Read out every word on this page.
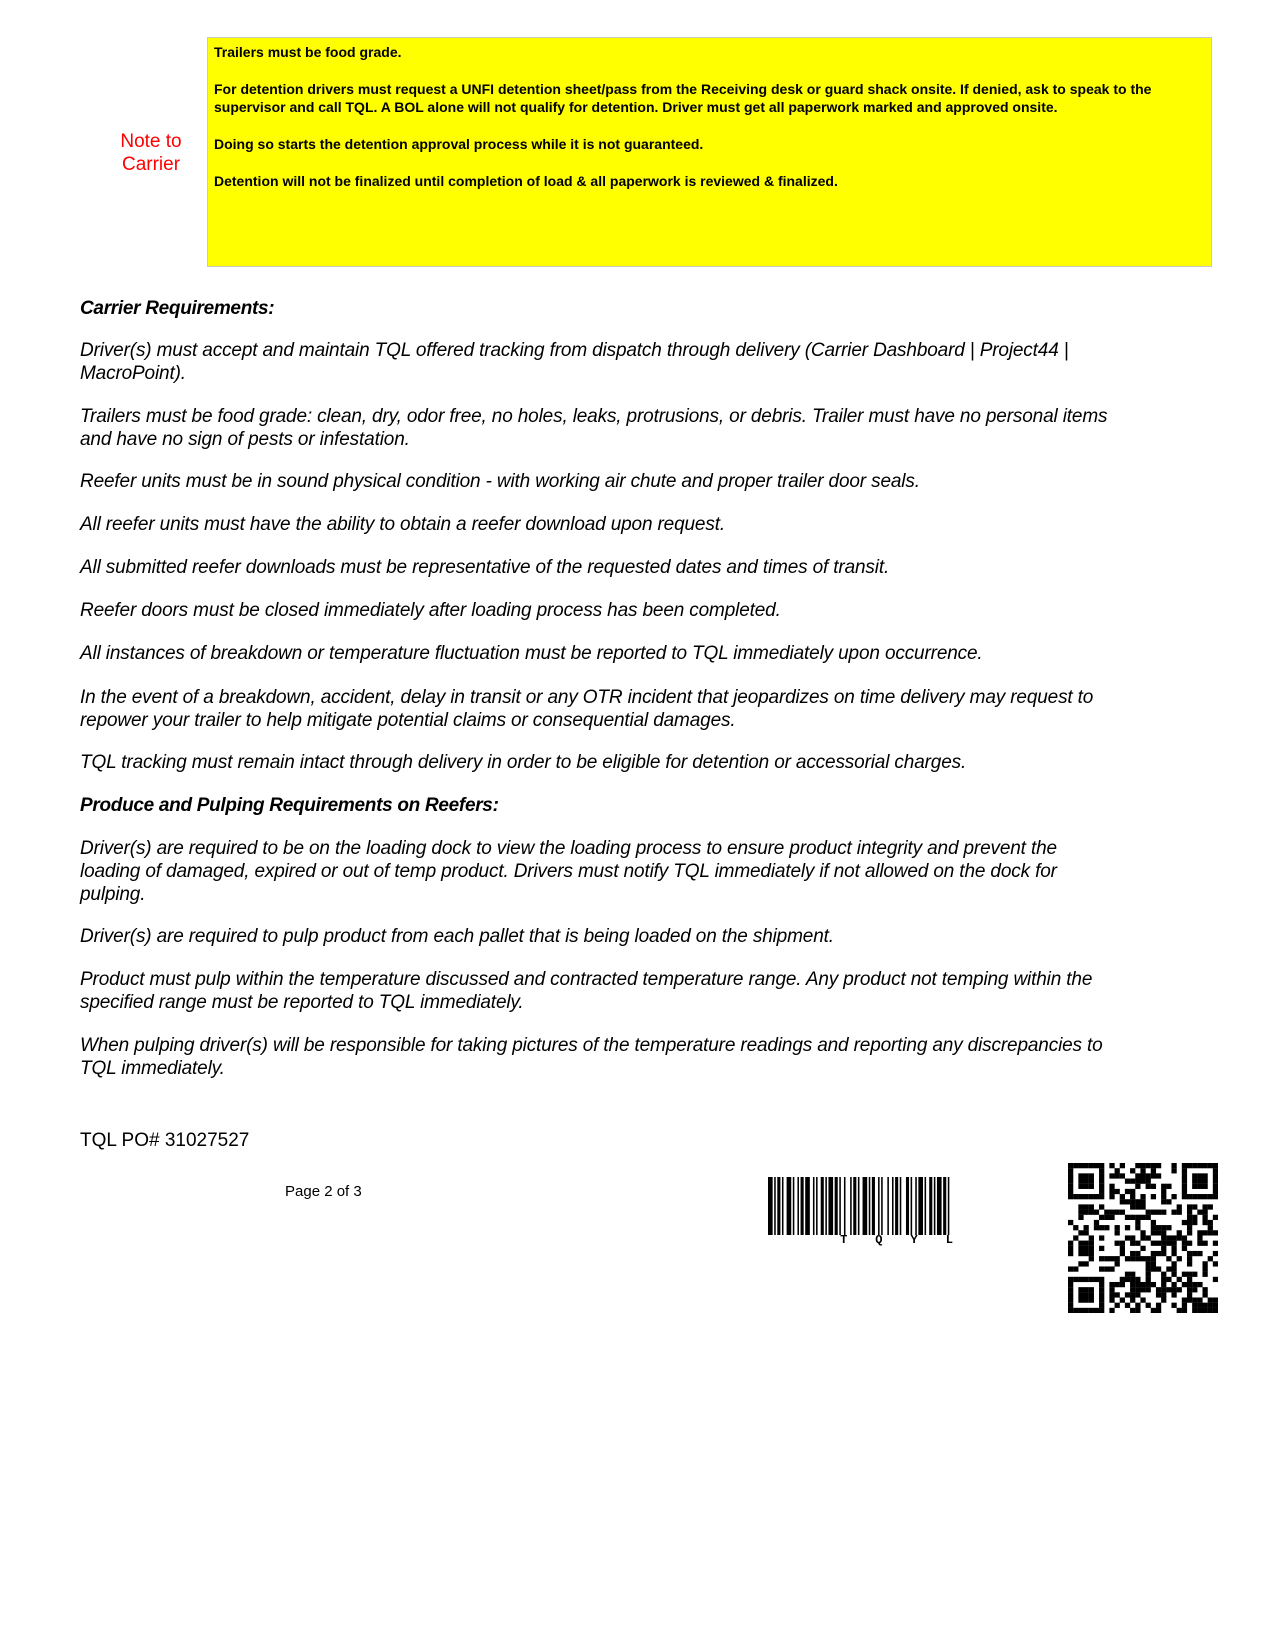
Note to Carrier

Trailers must be food grade.

For detention drivers must request a UNFI detention sheet/pass from the Receiving desk or guard shack onsite. If denied, ask to speak to the supervisor and call TQL. A BOL alone will not qualify for detention. Driver must get all paperwork marked and approved onsite.

Doing so starts the detention approval process while it is not guaranteed.

Detention will not be finalized until completion of load & all paperwork is reviewed & finalized.

Carrier Requirements:
Driver(s) must accept and maintain TQL offered tracking from dispatch through delivery (Carrier Dashboard | Project44 | MacroPoint).
Trailers must be food grade: clean, dry, odor free, no holes, leaks, protrusions, or debris. Trailer must have no personal items and have no sign of pests or infestation.
Reefer units must be in sound physical condition - with working air chute and proper trailer door seals.
All reefer units must have the ability to obtain a reefer download upon request.
All submitted reefer downloads must be representative of the requested dates and times of transit.
Reefer doors must be closed immediately after loading process has been completed.
All instances of breakdown or temperature fluctuation must be reported to TQL immediately upon occurrence.
In the event of a breakdown, accident, delay in transit or any OTR incident that jeopardizes on time delivery may request to repower your trailer to help mitigate potential claims or consequential damages.
TQL tracking must remain intact through delivery in order to be eligible for detention or accessorial charges.
Produce and Pulping Requirements on Reefers:
Driver(s) are required to be on the loading dock to view the loading process to ensure product integrity and prevent the loading of damaged, expired or out of temp product. Drivers must notify TQL immediately if not allowed on the dock for pulping.
Driver(s) are required to pulp product from each pallet that is being loaded on the shipment.
Product must pulp within the temperature discussed and contracted temperature range. Any product not temping within the specified range must be reported to TQL immediately.
When pulping driver(s) will be responsible for taking pictures of the temperature readings and reporting any discrepancies to TQL immediately.
TQL PO# 31027527
Page 2 of 3
TQYL
